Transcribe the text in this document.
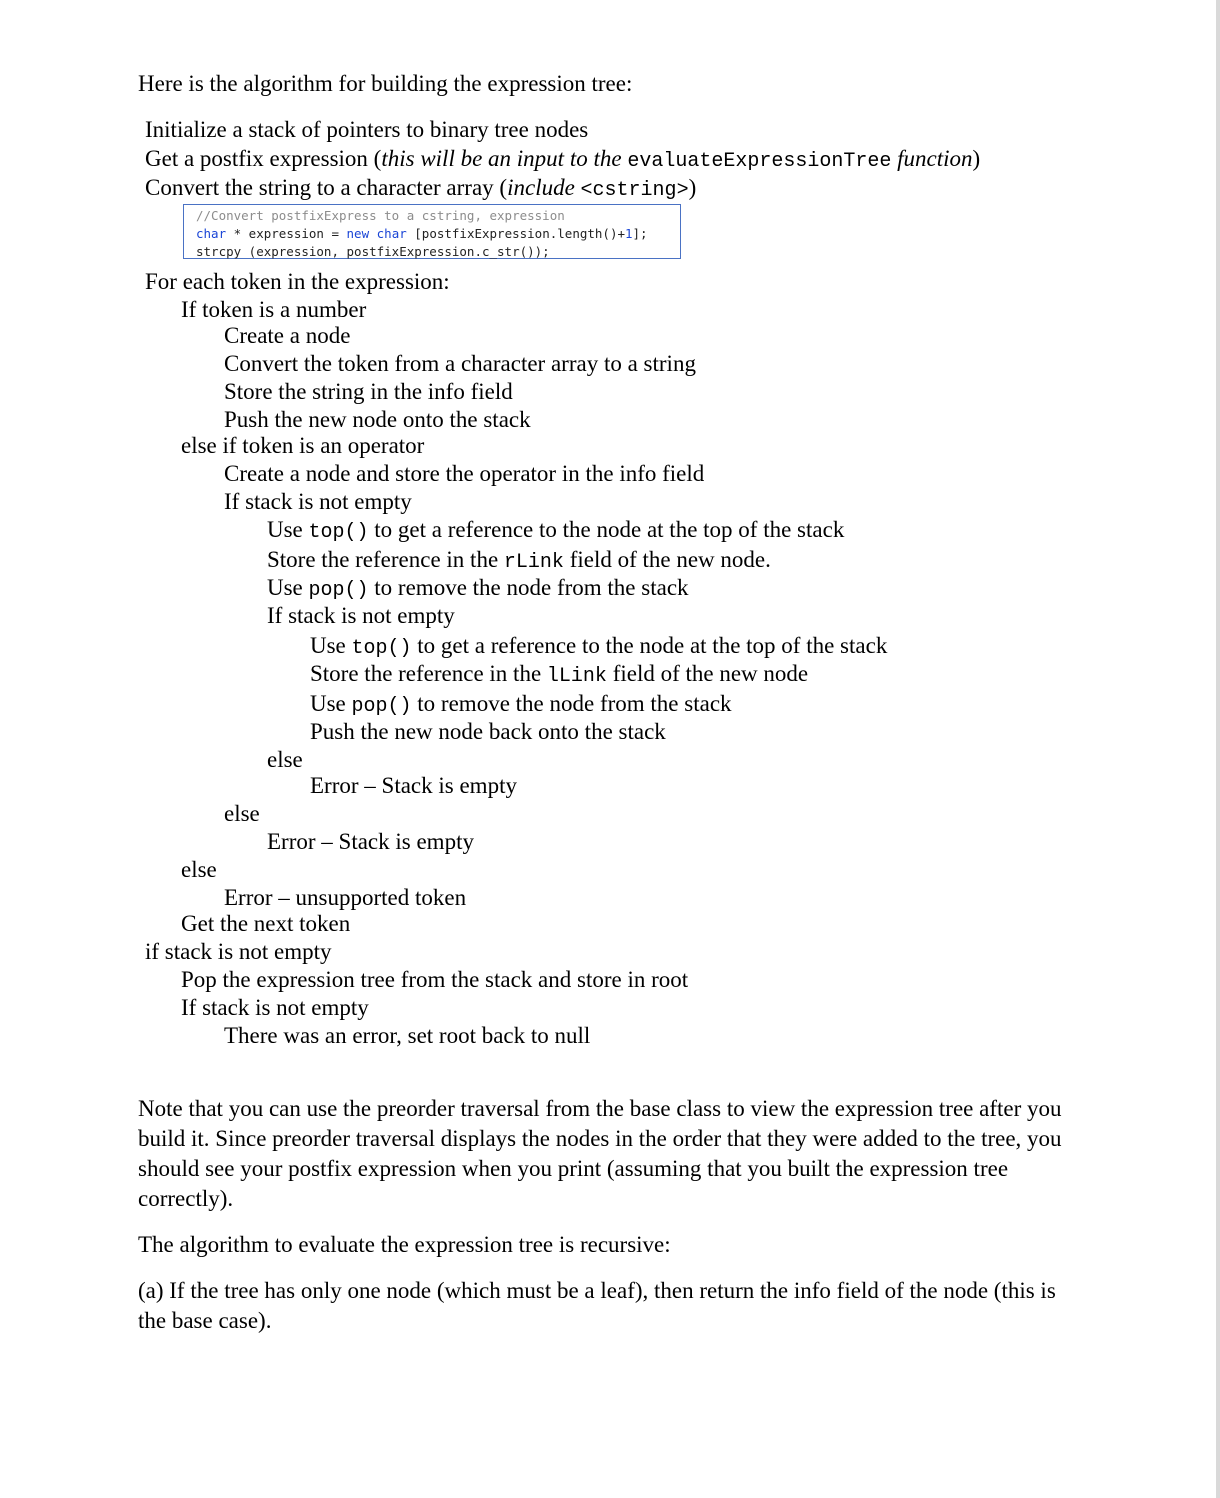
Here is the algorithm for building the expression tree:
Initialize a stack of pointers to binary tree nodes
Get a postfix expression (this will be an input to the evaluateExpressionTree function)
Convert the string to a character array (include <cstring>)
//Convert postfixExpress to a cstring, expression
char * expression = new char [postfixExpression.length()+1];
strcpy (expression, postfixExpression.c_str());
For each token in the expression:
If token is a number
Create a node
Convert the token from a character array to a string
Store the string in the info field
Push the new node onto the stack
else if token is an operator
Create a node and store the operator in the info field
If stack is not empty
Use top() to get a reference to the node at the top of the stack
Store the reference in the rLink field of the new node.
Use pop() to remove the node from the stack
If stack is not empty
Use top() to get a reference to the node at the top of the stack
Store the reference in the lLink field of the new node
Use pop() to remove the node from the stack
Push the new node back onto the stack
else
Error – Stack is empty
else
Error – Stack is empty
else
Error – unsupported token
Get the next token
if stack is not empty
Pop the expression tree from the stack and store in root
If stack is not empty
There was an error, set root back to null
Note that you can use the preorder traversal from the base class to view the expression tree after you build it. Since preorder traversal displays the nodes in the order that they were added to the tree, you should see your postfix expression when you print (assuming that you built the expression tree correctly).
The algorithm to evaluate the expression tree is recursive:
(a) If the tree has only one node (which must be a leaf), then return the info field of the node (this is the base case).
